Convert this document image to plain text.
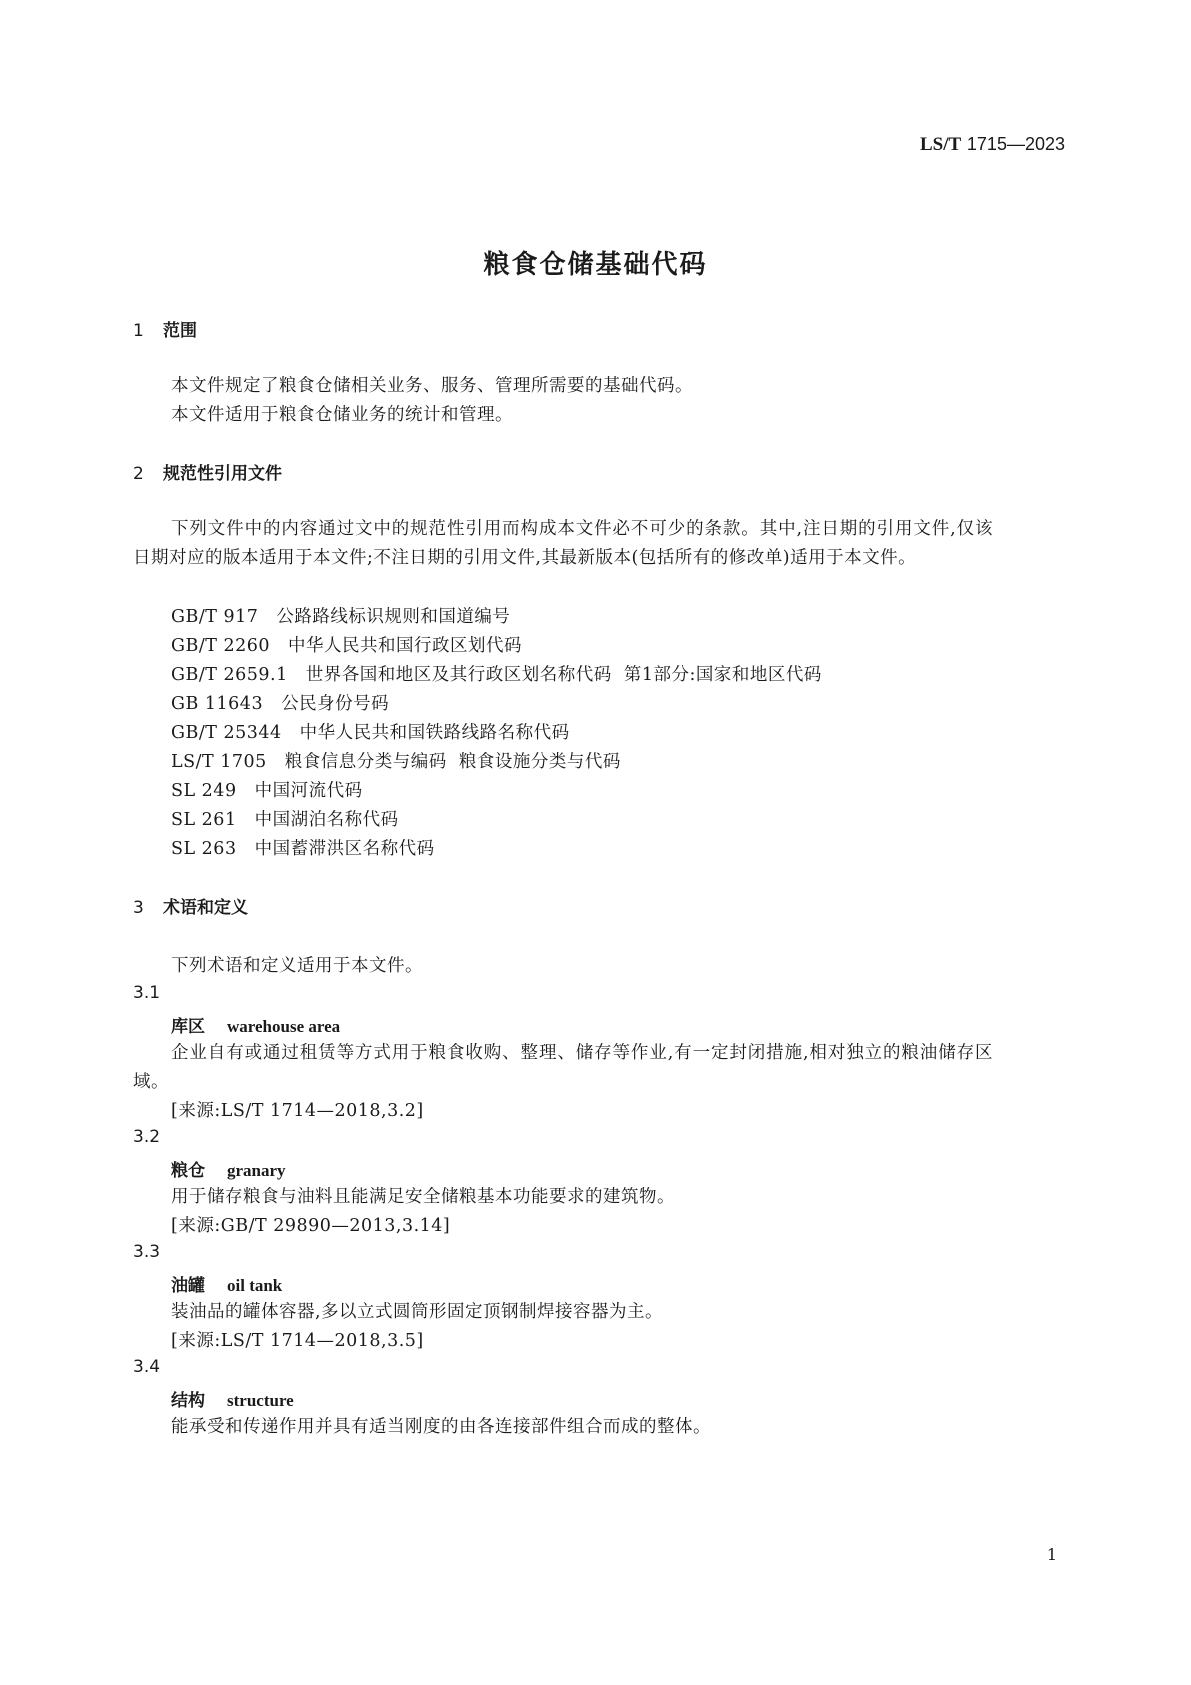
LS/T 1715—2023
粮食仓储基础代码
1 范围
本文件规定了粮食仓储相关业务、服务、管理所需要的基础代码。
本文件适用于粮食仓储业务的统计和管理。
2 规范性引用文件
下列文件中的内容通过文中的规范性引用而构成本文件必不可少的条款。其中,注日期的引用文件,仅该日期对应的版本适用于本文件;不注日期的引用文件,其最新版本(包括所有的修改单)适用于本文件。
GB/T 917 公路路线标识规则和国道编号
GB/T 2260 中华人民共和国行政区划代码
GB/T 2659.1 世界各国和地区及其行政区划名称代码  第1部分:国家和地区代码
GB 11643 公民身份号码
GB/T 25344 中华人民共和国铁路线路名称代码
LS/T 1705 粮食信息分类与编码  粮食设施分类与代码
SL 249 中国河流代码
SL 261 中国湖泊名称代码
SL 263 中国蓄滞洪区名称代码
3 术语和定义
下列术语和定义适用于本文件。
3.1
库区 warehouse area
企业自有或通过租赁等方式用于粮食收购、整理、储存等作业,有一定封闭措施,相对独立的粮油储存区域。
[来源:LS/T 1714—2018,3.2]
3.2
粮仓 granary
用于储存粮食与油料且能满足安全储粮基本功能要求的建筑物。
[来源:GB/T 29890—2013,3.14]
3.3
油罐 oil tank
装油品的罐体容器,多以立式圆筒形固定顶钢制焊接容器为主。
[来源:LS/T 1714—2018,3.5]
3.4
结构 structure
能承受和传递作用并具有适当刚度的由各连接部件组合而成的整体。
1
